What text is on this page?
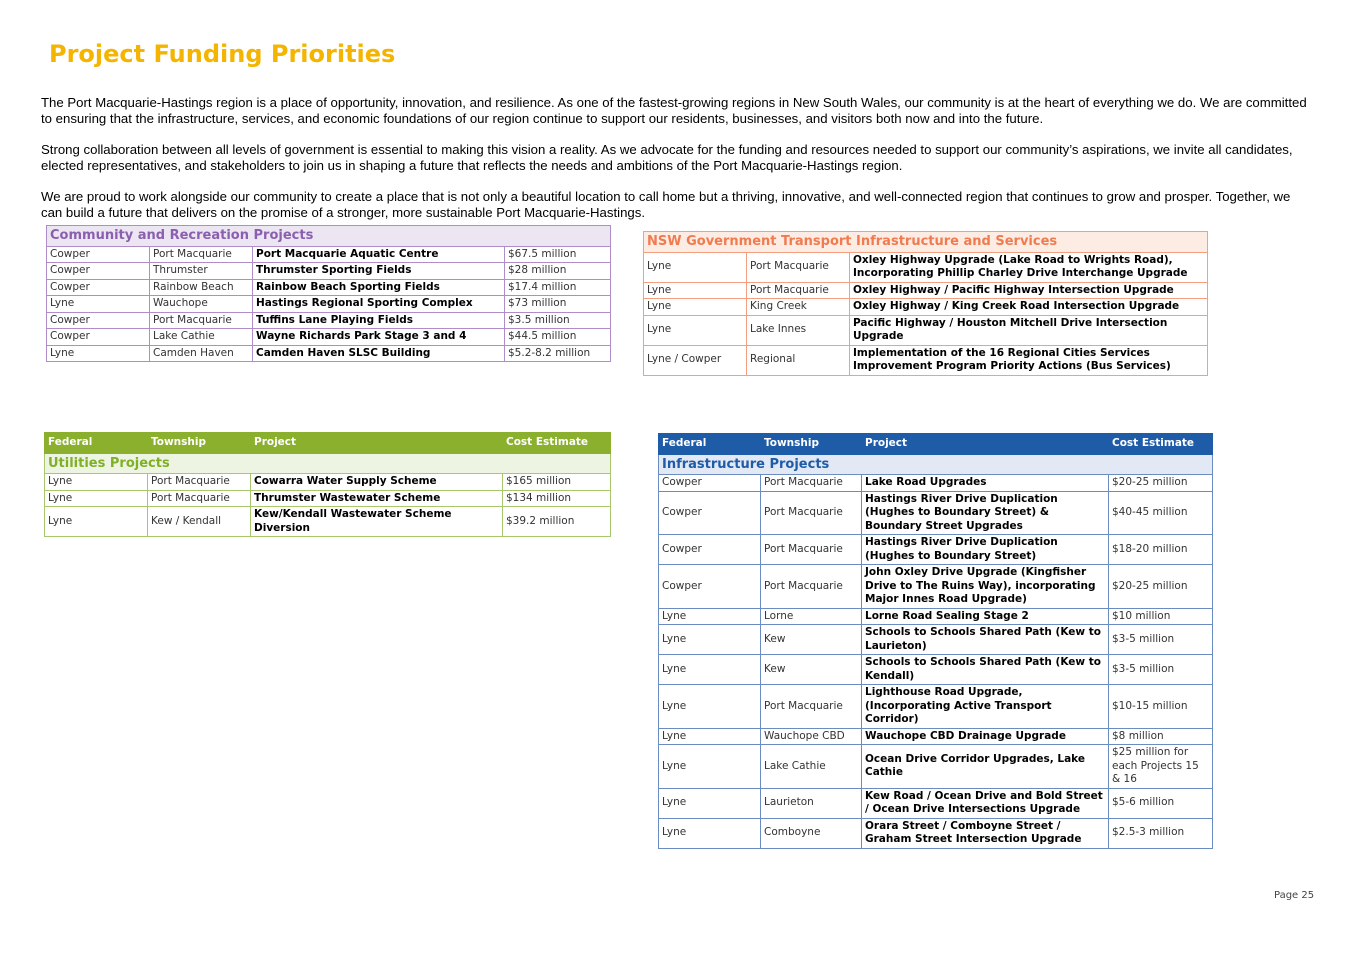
Project Funding Priorities

The Port Macquarie-Hastings region is a place of opportunity, innovation, and resilience. As one of the fastest-growing regions in New South Wales, our community is at the heart of everything we do. We are committed to ensuring that the infrastructure, services, and economic foundations of our region continue to support our residents, businesses, and visitors both now and into the future.

Strong collaboration between all levels of government is essential to making this vision a reality. As we advocate for the funding and resources needed to support our community’s aspirations, we invite all candidates, elected representatives, and stakeholders to join us in shaping a future that reflects the needs and ambitions of the Port Macquarie-Hastings region.

We are proud to work alongside our community to create a place that is not only a beautiful location to call home but a thriving, innovative, and well-connected region that continues to grow and prosper. Together, we can build a future that delivers on the promise of a stronger, more sustainable Port Macquarie-Hastings.

Community and Recreation Projects			
Cowper	Port Macquarie	Port Macquarie Aquatic Centre	$67.5 million
Cowper	Thrumster	Thrumster Sporting Fields	$28 million
Cowper	Rainbow Beach	Rainbow Beach Sporting Fields	$17.4 million
Lyne	Wauchope	Hastings Regional Sporting Complex	$73 million
Cowper	Port Macquarie	Tuffins Lane Playing Fields	$3.5 million
Cowper	Lake Cathie	Wayne Richards Park Stage 3 and 4	$44.5 million
Lyne	Camden Haven	Camden Haven SLSC Building	$5.2-8.2 million
NSW Government Transport Infrastructure and Services		
Lyne	Port Macquarie	Oxley Highway Upgrade (Lake Road to Wrights Road), Incorporating Phillip Charley Drive Interchange Upgrade
Lyne	Port Macquarie	Oxley Highway / Pacific Highway Intersection Upgrade
Lyne	King Creek	Oxley Highway / King Creek Road Intersection Upgrade
Lyne	Lake Innes	Pacific Highway / Houston Mitchell Drive Intersection Upgrade
Lyne / Cowper	Regional	Implementation of the 16 Regional Cities Services Improvement Program Priority Actions (Bus Services)
Federal	Township	Project	Cost Estimate
Utilities Projects			
Lyne	Port Macquarie	Cowarra Water Supply Scheme	$165 million
Lyne	Port Macquarie	Thrumster Wastewater Scheme	$134 million
Lyne	Kew / Kendall	Kew/Kendall Wastewater Scheme Diversion	$39.2 million
Federal	Township	Project	Cost Estimate
Infrastructure Projects			
Cowper	Port Macquarie	Lake Road Upgrades	$20-25 million
Cowper	Port Macquarie	Hastings River Drive Duplication (Hughes to Boundary Street) & Boundary Street Upgrades	$40-45 million
Cowper	Port Macquarie	Hastings River Drive Duplication (Hughes to Boundary Street)	$18-20 million
Cowper	Port Macquarie	John Oxley Drive Upgrade (Kingfisher Drive to The Ruins Way), incorporating Major Innes Road Upgrade)	$20-25 million
Lyne	Lorne	Lorne Road Sealing Stage 2	$10 million
Lyne	Kew	Schools to Schools Shared Path (Kew to Laurieton)	$3-5 million
Lyne	Kew	Schools to Schools Shared Path (Kew to Kendall)	$3-5 million
Lyne	Port Macquarie	Lighthouse Road Upgrade, (Incorporating Active Transport Corridor)	$10-15 million
Lyne	Wauchope CBD	Wauchope CBD Drainage Upgrade	$8 million
Lyne	Lake Cathie	Ocean Drive Corridor Upgrades, Lake Cathie	$25 million for each Projects 15 & 16
Lyne	Laurieton	Kew Road / Ocean Drive and Bold Street / Ocean Drive Intersections Upgrade	$5-6 million
Lyne	Comboyne	Orara Street / Comboyne Street / Graham Street Intersection Upgrade	$2.5-3 million
Page 25
